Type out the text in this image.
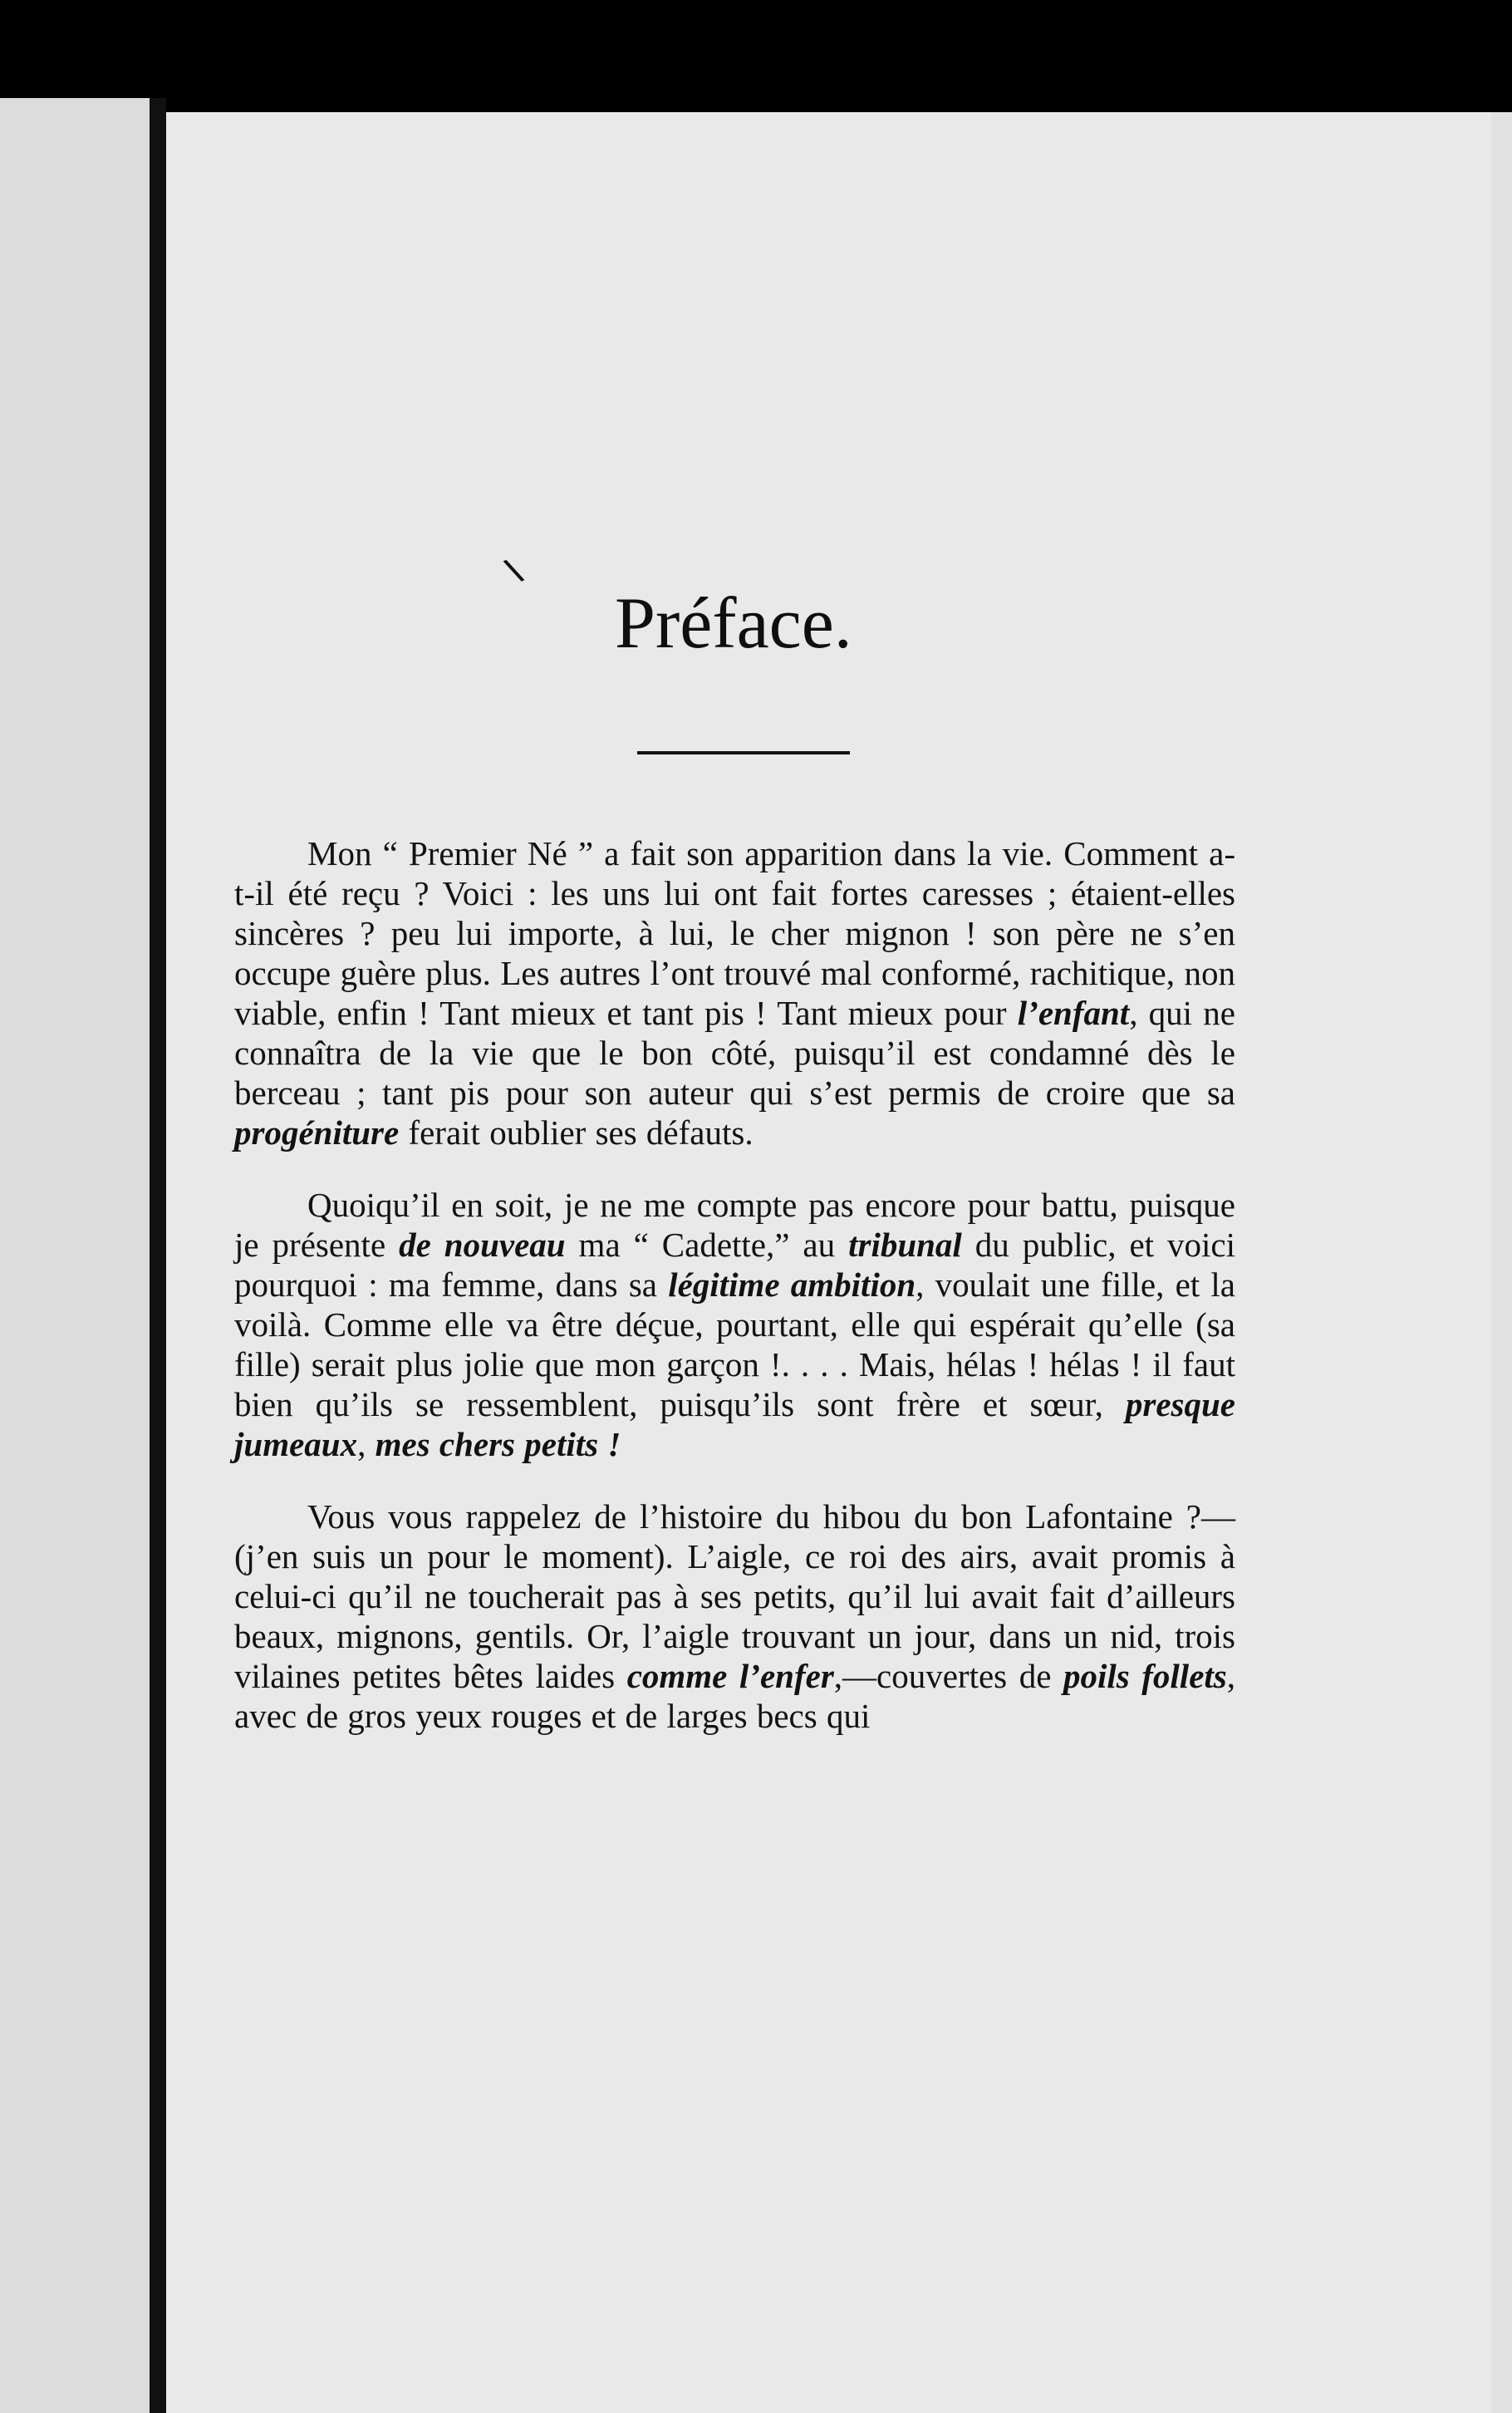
\
Préface.

Mon “ Premier Né ” a fait son apparition dans la vie. Comment a-t-il été reçu ? Voici : les uns lui ont fait fortes caresses ; étaient-elles sincères ? peu lui importe, à lui, le cher mignon ! son père ne s’en occupe guère plus. Les autres l’ont trouvé mal conformé, rachitique, non viable, enfin ! Tant mieux et tant pis ! Tant mieux pour l’enfant, qui ne connaîtra de la vie que le bon côté, puisqu’il est condamné dès le berceau ; tant pis pour son auteur qui s’est permis de croire que sa progéniture ferait oublier ses défauts.

Quoiqu’il en soit, je ne me compte pas encore pour battu, puisque je présente de nouveau ma “ Cadette,” au tribunal du public, et voici pourquoi : ma femme, dans sa légitime ambition, voulait une fille, et la voilà. Comme elle va être déçue, pourtant, elle qui espérait qu’elle (sa fille) serait plus jolie que mon garçon !. . . . Mais, hélas ! hélas ! il faut bien qu’ils se ressemblent, puisqu’ils sont frère et sœur, presque jumeaux, mes chers petits !

Vous vous rappelez de l’histoire du hibou du bon Lafontaine ?—(j’en suis un pour le moment). L’aigle, ce roi des airs, avait promis à celui-ci qu’il ne toucherait pas à ses petits, qu’il lui avait fait d’ailleurs beaux, mignons, gentils. Or, l’aigle trouvant un jour, dans un nid, trois vilaines petites bêtes laides comme l’enfer,—couvertes de poils follets, avec de gros yeux rouges et de larges becs qui
